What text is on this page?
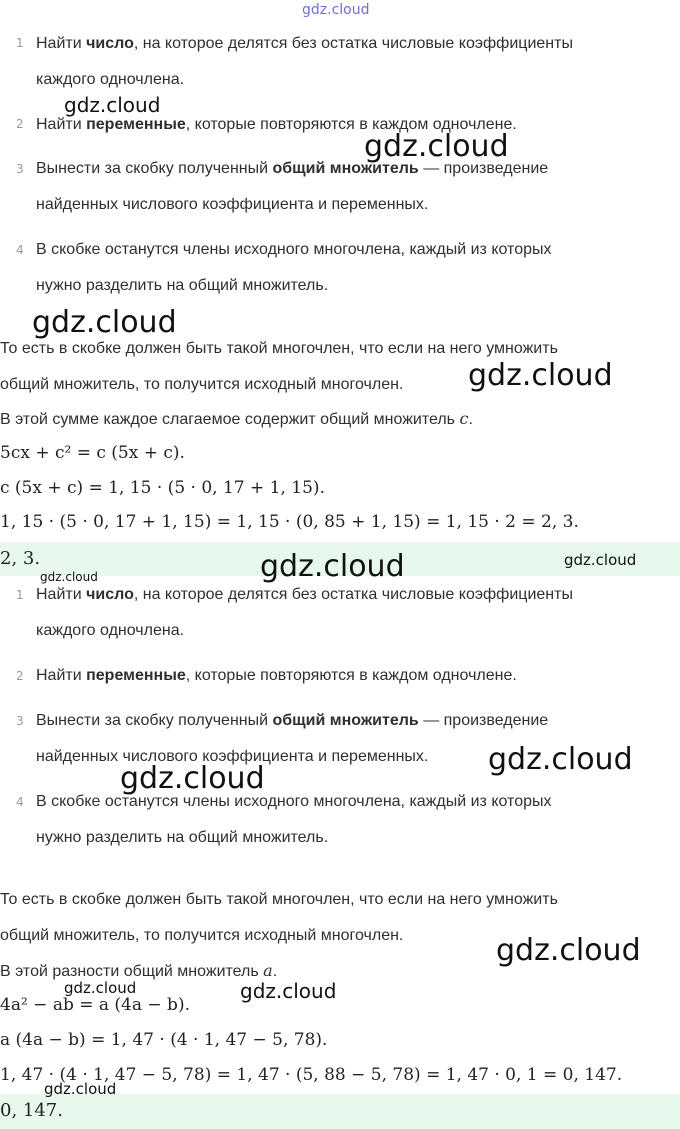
gdz.cloud
1 Найти число, на которое делятся без остатка числовые коэффициенты
каждого одночлена.
2 Найти переменные, которые повторяются в каждом одночлене.
3 Вынести за скобку полученный общий множитель — произведение
найденных числового коэффициента и переменных.
4 В скобке останутся члены исходного многочлена, каждый из которых
нужно разделить на общий множитель.
То есть в скобке должен быть такой многочлен, что если на него умножить
общий множитель, то получится исходный многочлен.
В этой сумме каждое слагаемое содержит общий множитель c.
5cx + c² = c (5x + c).
c (5x + c) = 1, 15 · (5 · 0, 17 + 1, 15).
1, 15 · (5 · 0, 17 + 1, 15) = 1, 15 · (0, 85 + 1, 15) = 1, 15 · 2 = 2, 3.
2, 3.
1 Найти число, на которое делятся без остатка числовые коэффициенты
каждого одночлена.
2 Найти переменные, которые повторяются в каждом одночлене.
3 Вынести за скобку полученный общий множитель — произведение
найденных числового коэффициента и переменных.
4 В скобке останутся члены исходного многочлена, каждый из которых
нужно разделить на общий множитель.
То есть в скобке должен быть такой многочлен, что если на него умножить
общий множитель, то получится исходный многочлен.
В этой разности общий множитель a.
4a² − ab = a (4a − b).
a (4a − b) = 1, 47 · (4 · 1, 47 − 5, 78).
1, 47 · (4 · 1, 47 − 5, 78) = 1, 47 · (5, 88 − 5, 78) = 1, 47 · 0, 1 = 0, 147.
0, 147.
gdz.cloud
gdz.cloud
gdz.cloud
gdz.cloud
gdz.cloud	gdz.cloud
gdz.cloud
gdz.cloud
gdz.cloud
gdz.cloud
gdz.cloud
gdz.cloud
gdz.cloud
